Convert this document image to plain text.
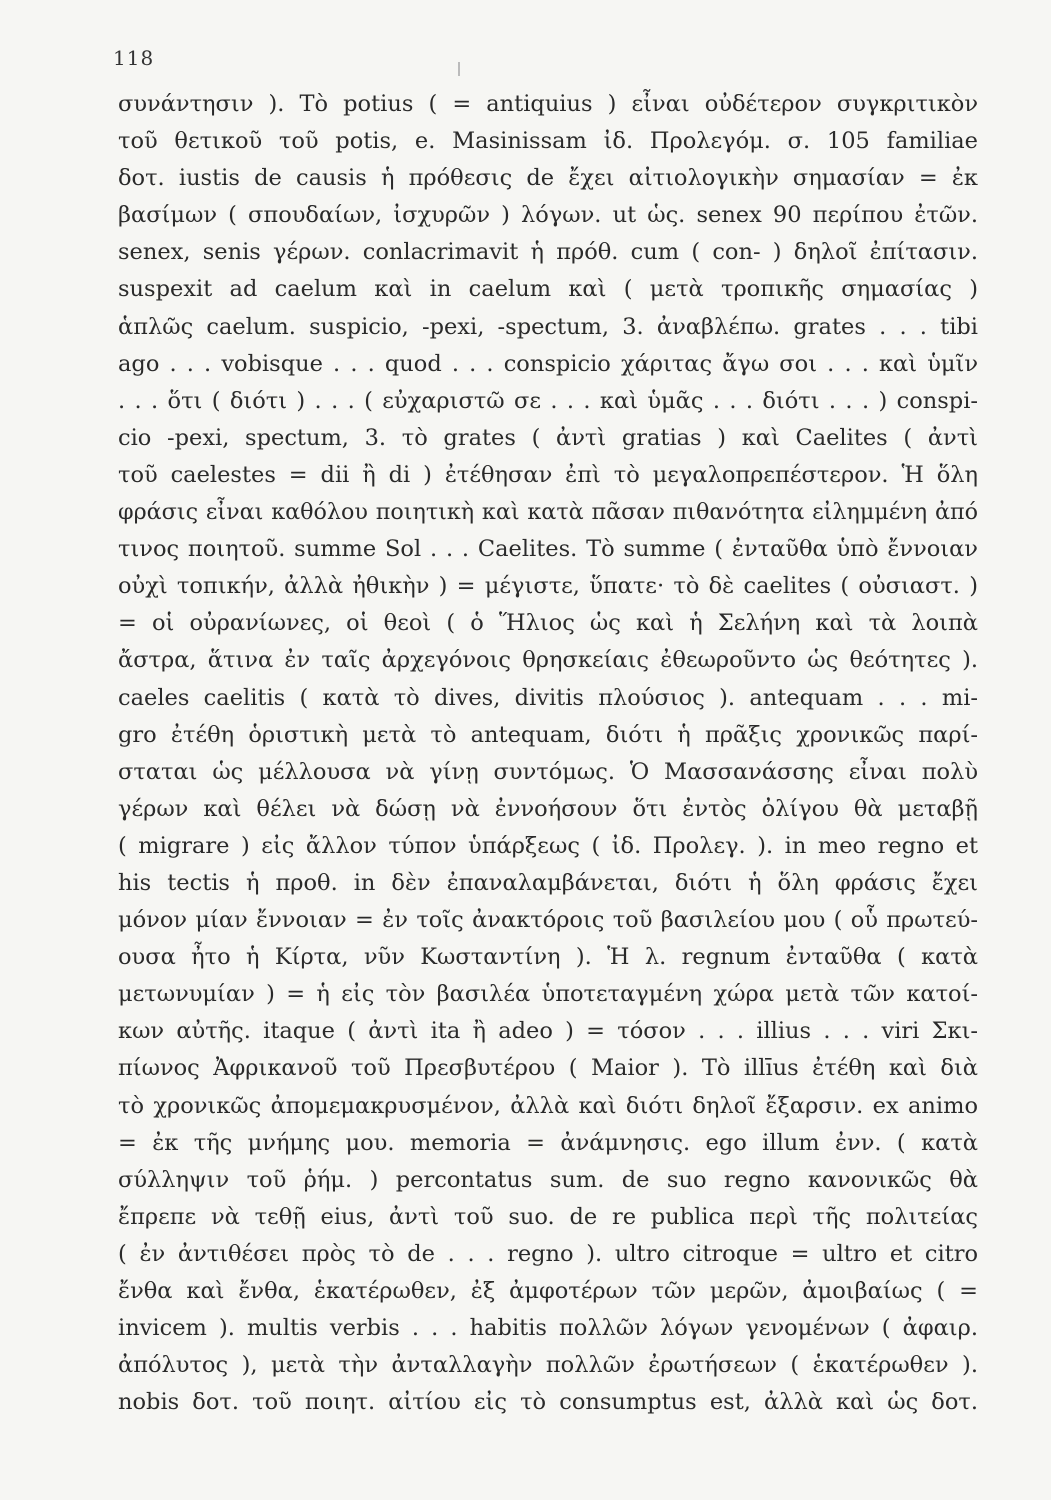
118
συνάντησιν ). Τὸ potius ( = antiquius ) εἶναι οὐδέτερον συγκριτικὸν
τοῦ θετικοῦ τοῦ potis, e. Masinissam ἰδ. Προλεγόμ. σ. 105 familiae
δοτ. iustis de causis ἡ πρόθεσις de ἔχει αἰτιολογικὴν σημασίαν = ἐκ
βασίμων ( σπουδαίων, ἰσχυρῶν ) λόγων. ut ὡς. senex 90 περίπου ἐτῶν.
senex, senis γέρων. conlacrimavit ἡ πρόθ. cum ( con- ) δηλοῖ ἐπίτασιν.
suspexit ad caelum καὶ in caelum καὶ ( μετὰ τροπικῆς σημασίας )
ἁπλῶς caelum. suspicio, -pexi, -spectum, 3. ἀναβλέπω. grates . . . tibi
ago . . . vobisque . . . quod . . . conspicio χάριτας ἄγω σοι . . . καὶ ὑμῖν
. . . ὅτι ( διότι ) . . . ( εὐχαριστῶ σε . . . καὶ ὑμᾶς . . . διότι . . . ) conspi-
cio -pexi, spectum, 3. τὸ grates ( ἀντὶ gratias ) καὶ Caelites ( ἀντὶ
τοῦ caelestes = dii ἢ di ) ἐτέθησαν ἐπὶ τὸ μεγαλοπρεπέστερον. Ἡ ὅλη
φράσις εἶναι καθόλου ποιητικὴ καὶ κατὰ πᾶσαν πιθανότητα εἰλημμένη ἀπό
τινος ποιητοῦ. summe Sol . . . Caelites. Τὸ summe ( ἐνταῦθα ὑπὸ ἔννοιαν
οὐχὶ τοπικήν, ἀλλὰ ἠθικὴν ) = μέγιστε, ὕπατε· τὸ δὲ caelites ( οὐσιαστ. )
= οἱ οὐρανίωνες, οἱ θεοὶ ( ὁ Ἥλιος ὡς καὶ ἡ Σελήνη καὶ τὰ λοιπὰ
ἄστρα, ἅτινα ἐν ταῖς ἀρχεγόνοις θρησκείαις ἐθεωροῦντο ὡς θεότητες ).
caeles caelitis ( κατὰ τὸ dives, divitis πλούσιος ). antequam . . . mi-
gro ἐτέθη ὁριστικὴ μετὰ τὸ antequam, διότι ἡ πρᾶξις χρονικῶς παρί-
σταται ὡς μέλλουσα νὰ γίνῃ συντόμως. Ὁ Μασσανάσσης εἶναι πολὺ
γέρων καὶ θέλει νὰ δώσῃ νὰ ἐννοήσουν ὅτι ἐντὸς ὀλίγου θὰ μεταβῇ
( migrare ) εἰς ἄλλον τύπον ὑπάρξεως ( ἰδ. Προλεγ. ). in meo regno et
his tectis ἡ προθ. in δὲν ἐπαναλαμβάνεται, διότι ἡ ὅλη φράσις ἔχει
μόνον μίαν ἔννοιαν = ἐν τοῖς ἀνακτόροις τοῦ βασιλείου μου ( οὗ πρωτεύ-
ουσα ἦτο ἡ Κίρτα, νῦν Κωσταντίνη ). Ἡ λ. regnum ἐνταῦθα ( κατὰ
μετωνυμίαν ) = ἡ εἰς τὸν βασιλέα ὑποτεταγμένη χώρα μετὰ τῶν κατοί-
κων αὐτῆς. itaque ( ἀντὶ ita ἢ adeo ) = τόσον . . . illius . . . viri Σκι-
πίωνος Ἀφρικανοῦ τοῦ Πρεσβυτέρου ( Maior ). Τὸ illīus ἐτέθη καὶ διὰ
τὸ χρονικῶς ἀπομεμακρυσμένον, ἀλλὰ καὶ διότι δηλοῖ ἔξαρσιν. ex animo
= ἐκ τῆς μνήμης μου. memoria = ἀνάμνησις. ego illum ἐνν. ( κατὰ
σύλληψιν τοῦ ῥήμ. ) percontatus sum. de suo regno κανονικῶς θὰ
ἔπρεπε νὰ τεθῇ eius, ἀντὶ τοῦ suo. de re publica περὶ τῆς πολιτείας
( ἐν ἀντιθέσει πρὸς τὸ de . . . regno ). ultro citroque = ultro et citro
ἔνθα καὶ ἔνθα, ἑκατέρωθεν, ἐξ ἀμφοτέρων τῶν μερῶν, ἀμοιβαίως ( =
invicem ). multis verbis . . . habitis πολλῶν λόγων γενομένων ( ἀφαιρ.
ἀπόλυτος ), μετὰ τὴν ἀνταλλαγὴν πολλῶν ἐρωτήσεων ( ἑκατέρωθεν ).
nobis δοτ. τοῦ ποιητ. αἰτίου εἰς τὸ consumptus est, ἀλλὰ καὶ ὡς δοτ.
